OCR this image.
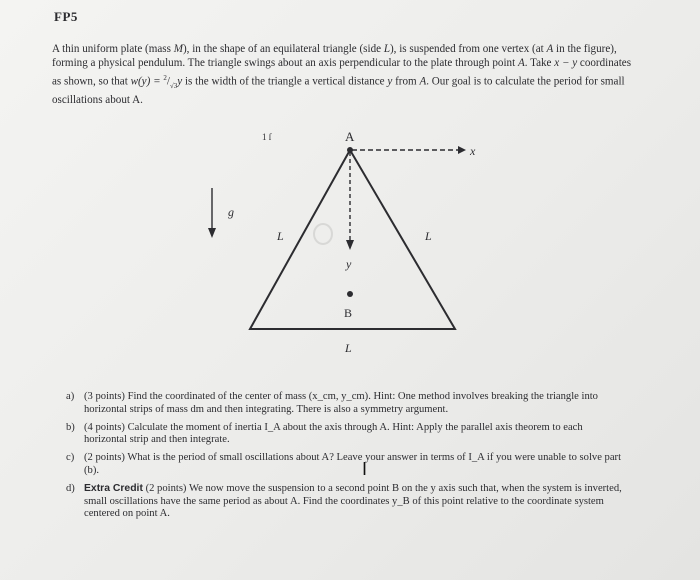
FP5
A thin uniform plate (mass M), in the shape of an equilateral triangle (side L), is suspended from one vertex (at A in the figure), forming a physical pendulum. The triangle swings about an axis perpendicular to the plate through point A. Take x − y coordinates as shown, so that $w(y) = ^2/_{√3}y$ is the width of the triangle a vertical distance y from A. Our goal is to calculate the period for small oscillations about A.
A
x
y
B
g
L	L
L
1 ſ
a) (3 points) Find the coordinated of the center of mass (x_cm, y_cm). Hint: One method involves breaking the triangle into horizontal strips of mass dm and then integrating. There is also a symmetry argument.
b) (4 points) Calculate the moment of inertia I_A about the axis through A. Hint: Apply the parallel axis theorem to each horizontal strip and then integrate.
c) (2 points) What is the period of small oscillations about A? Leave your answer in terms of I_A if you were unable to solve part (b).
d) Extra Credit (2 points) We now move the suspension to a second point B on the y axis such that, when the system is inverted, small oscillations have the same period as about A. Find the coordinates y_B of this point relative to the coordinate system centered on point A.
I
